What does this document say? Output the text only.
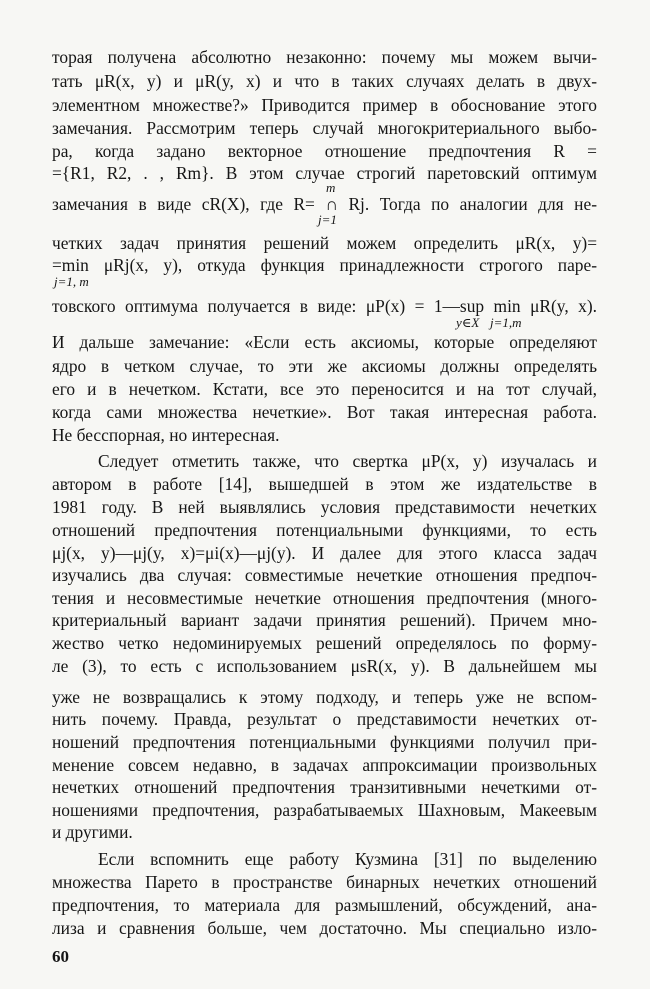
торая получена абсолютно незаконно: почему мы можем вычи-
тать μR(x, y) и μR(y, x) и что в таких случаях делать в двух-
элементном множестве?» Приводится пример в обоснование этого
замечания. Рассмотрим теперь случай многокритериального выбо-
ра, когда задано векторное отношение предпочтения R =
={R1, R2, . , Rm}. В этом случае строгий паретовский оптимум
m
замечания в виде cR(X), где R= ∩ Rj. Тогда по аналогии для не-
j=1
четких задач принятия решений можем определить μR(x, y)=
=min μRj(x, y), откуда функция принадлежности строгого паре-
j=1, m
товского оптимума получается в виде: μP(x) = 1—sup min μR(y, x).
y∈X j=1,m
И дальше замечание: «Если есть аксиомы, которые определяют
ядро в четком случае, то эти же аксиомы должны определять
его и в нечетком. Кстати, все это переносится и на тот случай,
когда сами множества нечеткие». Вот такая интересная работа.
Не бесспорная, но интересная.
Следует отметить также, что свертка μP(x, y) изучалась и
автором в работе [14], вышедшей в этом же издательстве в
1981 году. В ней выявлялись условия представимости нечетких
отношений предпочтения потенциальными функциями, то есть
μj(x, y)—μj(y, x)=μi(x)—μj(y). И далее для этого класса задач
изучались два случая: совместимые нечеткие отношения предпоч-
тения и несовместимые нечеткие отношения предпочтения (много-
критериальный вариант задачи принятия решений). Причем мно-
жество четко недоминируемых решений определялось по форму-
ле (3), то есть с использованием μsR(x, y). В дальнейшем мы
уже не возвращались к этому подходу, и теперь уже не вспом-
нить почему. Правда, результат о представимости нечетких от-
ношений предпочтения потенциальными функциями получил при-
менение совсем недавно, в задачах аппроксимации произвольных
нечетких отношений предпочтения транзитивными нечеткими от-
ношениями предпочтения, разрабатываемых Шахновым, Макеевым
и другими.
Если вспомнить еще работу Кузмина [31] по выделению
множества Парето в пространстве бинарных нечетких отношений
предпочтения, то материала для размышлений, обсуждений, ана-
лиза и сравнения больше, чем достаточно. Мы специально изло-
60
